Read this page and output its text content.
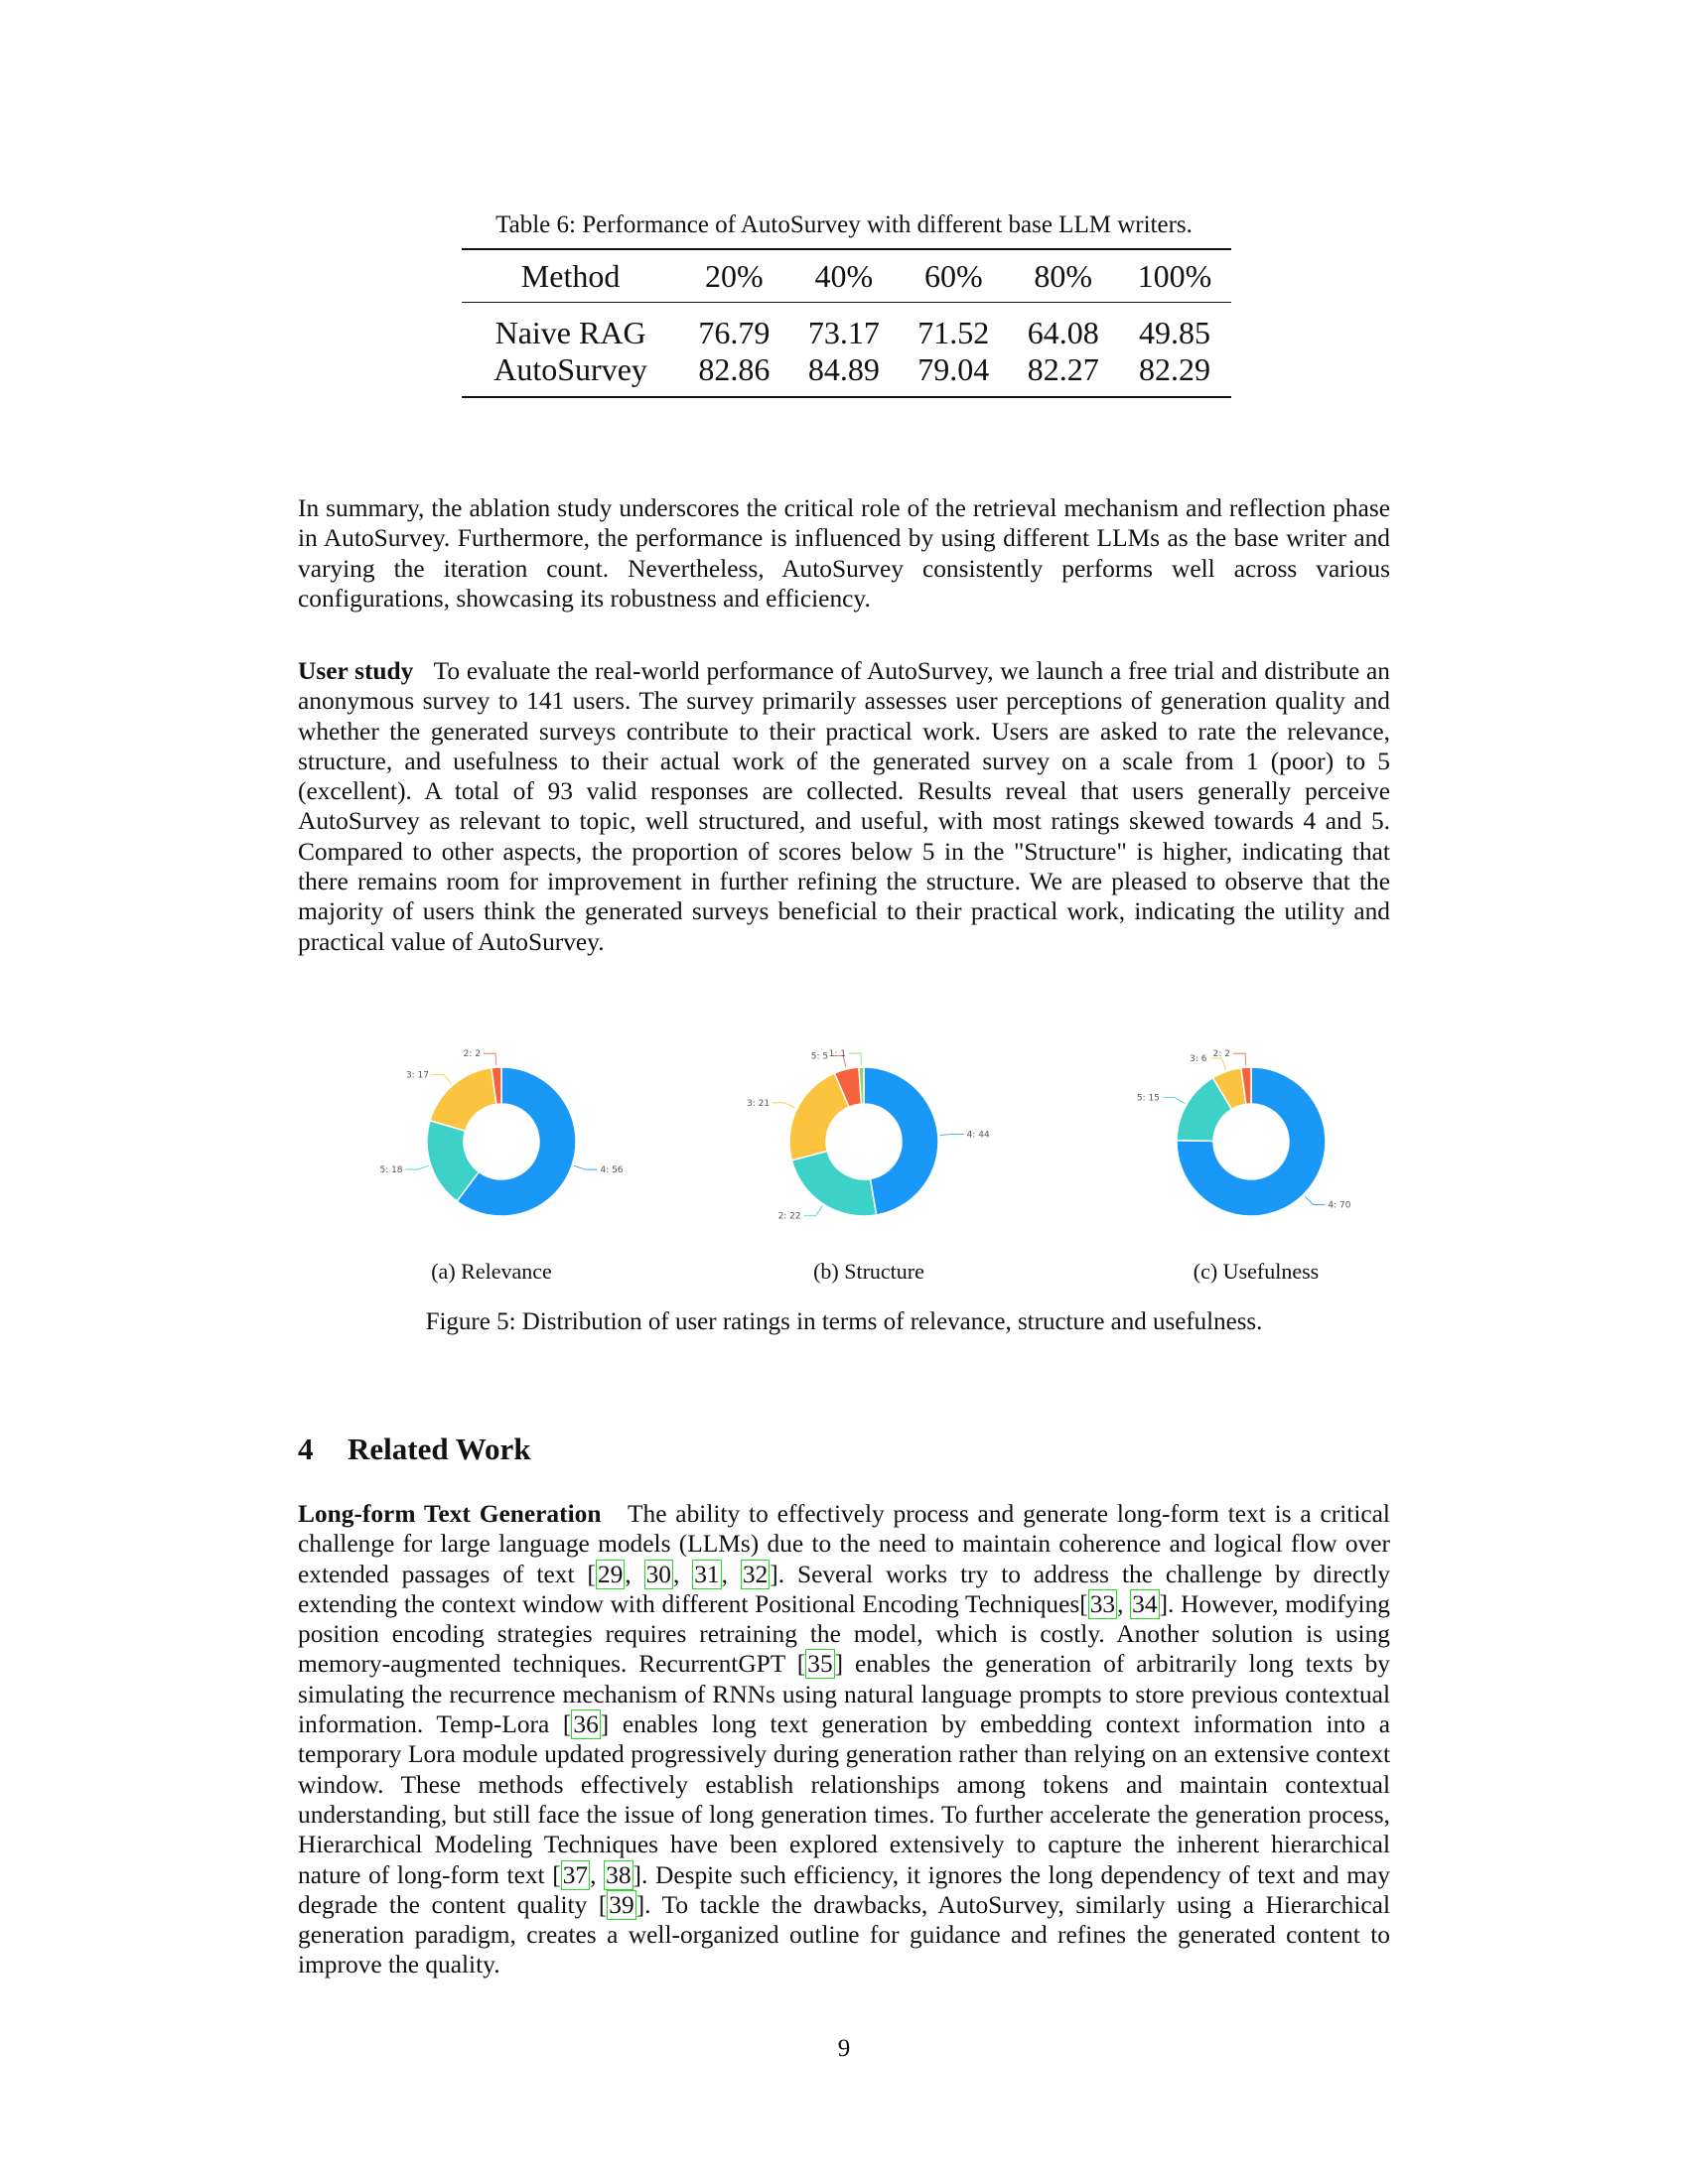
Table 6: Performance of AutoSurvey with different base LLM writers.
Method	20%	40%	60%	80%	100%
Naive RAG	76.79	73.17	71.52	64.08	49.85
AutoSurvey	82.86	84.89	79.04	82.27	82.29
In summary, the ablation study underscores the critical role of the retrieval mechanism and reflection phase in AutoSurvey. Furthermore, the performance is influenced by using different LLMs as the base writer and varying the iteration count. Nevertheless, AutoSurvey consistently performs well across various configurations, showcasing its robustness and efficiency.
User study To evaluate the real-world performance of AutoSurvey, we launch a free trial and distribute an anonymous survey to 141 users. The survey primarily assesses user perceptions of generation quality and whether the generated surveys contribute to their practical work. Users are asked to rate the relevance, structure, and usefulness to their actual work of the generated survey on a scale from 1 (poor) to 5 (excellent). A total of 93 valid responses are collected. Results reveal that users generally perceive AutoSurvey as relevant to topic, well structured, and useful, with most ratings skewed towards 4 and 5. Compared to other aspects, the proportion of scores below 5 in the "Structure" is higher, indicating that there remains room for improvement in further refining the structure. We are pleased to observe that the majority of users think the generated surveys beneficial to their practical work, indicating the utility and practical value of AutoSurvey.
4: 56
5: 18
3: 17
2: 2
4: 44
2: 22
3: 21
5: 5 1: 1
4: 70
5: 15
3: 6 2: 2
(a) Relevance	(b) Structure	(c) Usefulness
Figure 5: Distribution of user ratings in terms of relevance, structure and usefulness.
4 Related Work
Long-form Text Generation The ability to effectively process and generate long-form text is a critical challenge for large language models (LLMs) due to the need to maintain coherence and logical flow over extended passages of text [29, 30, 31, 32]. Several works try to address the challenge by directly extending the context window with different Positional Encoding Techniques[33, 34]. However, modifying position encoding strategies requires retraining the model, which is costly. Another solution is using memory-augmented techniques. RecurrentGPT [35] enables the generation of arbitrarily long texts by simulating the recurrence mechanism of RNNs using natural language prompts to store previous contextual information. Temp-Lora [36] enables long text generation by embedding context information into a temporary Lora module updated progressively during generation rather than relying on an extensive context window. These methods effectively establish relationships among tokens and maintain contextual understanding, but still face the issue of long generation times. To further accelerate the generation process, Hierarchical Modeling Techniques have been explored extensively to capture the inherent hierarchical nature of long-form text [37, 38]. Despite such efficiency, it ignores the long dependency of text and may degrade the content quality [39]. To tackle the drawbacks, AutoSurvey, similarly using a Hierarchical generation paradigm, creates a well-organized outline for guidance and refines the generated content to improve the quality.
9
